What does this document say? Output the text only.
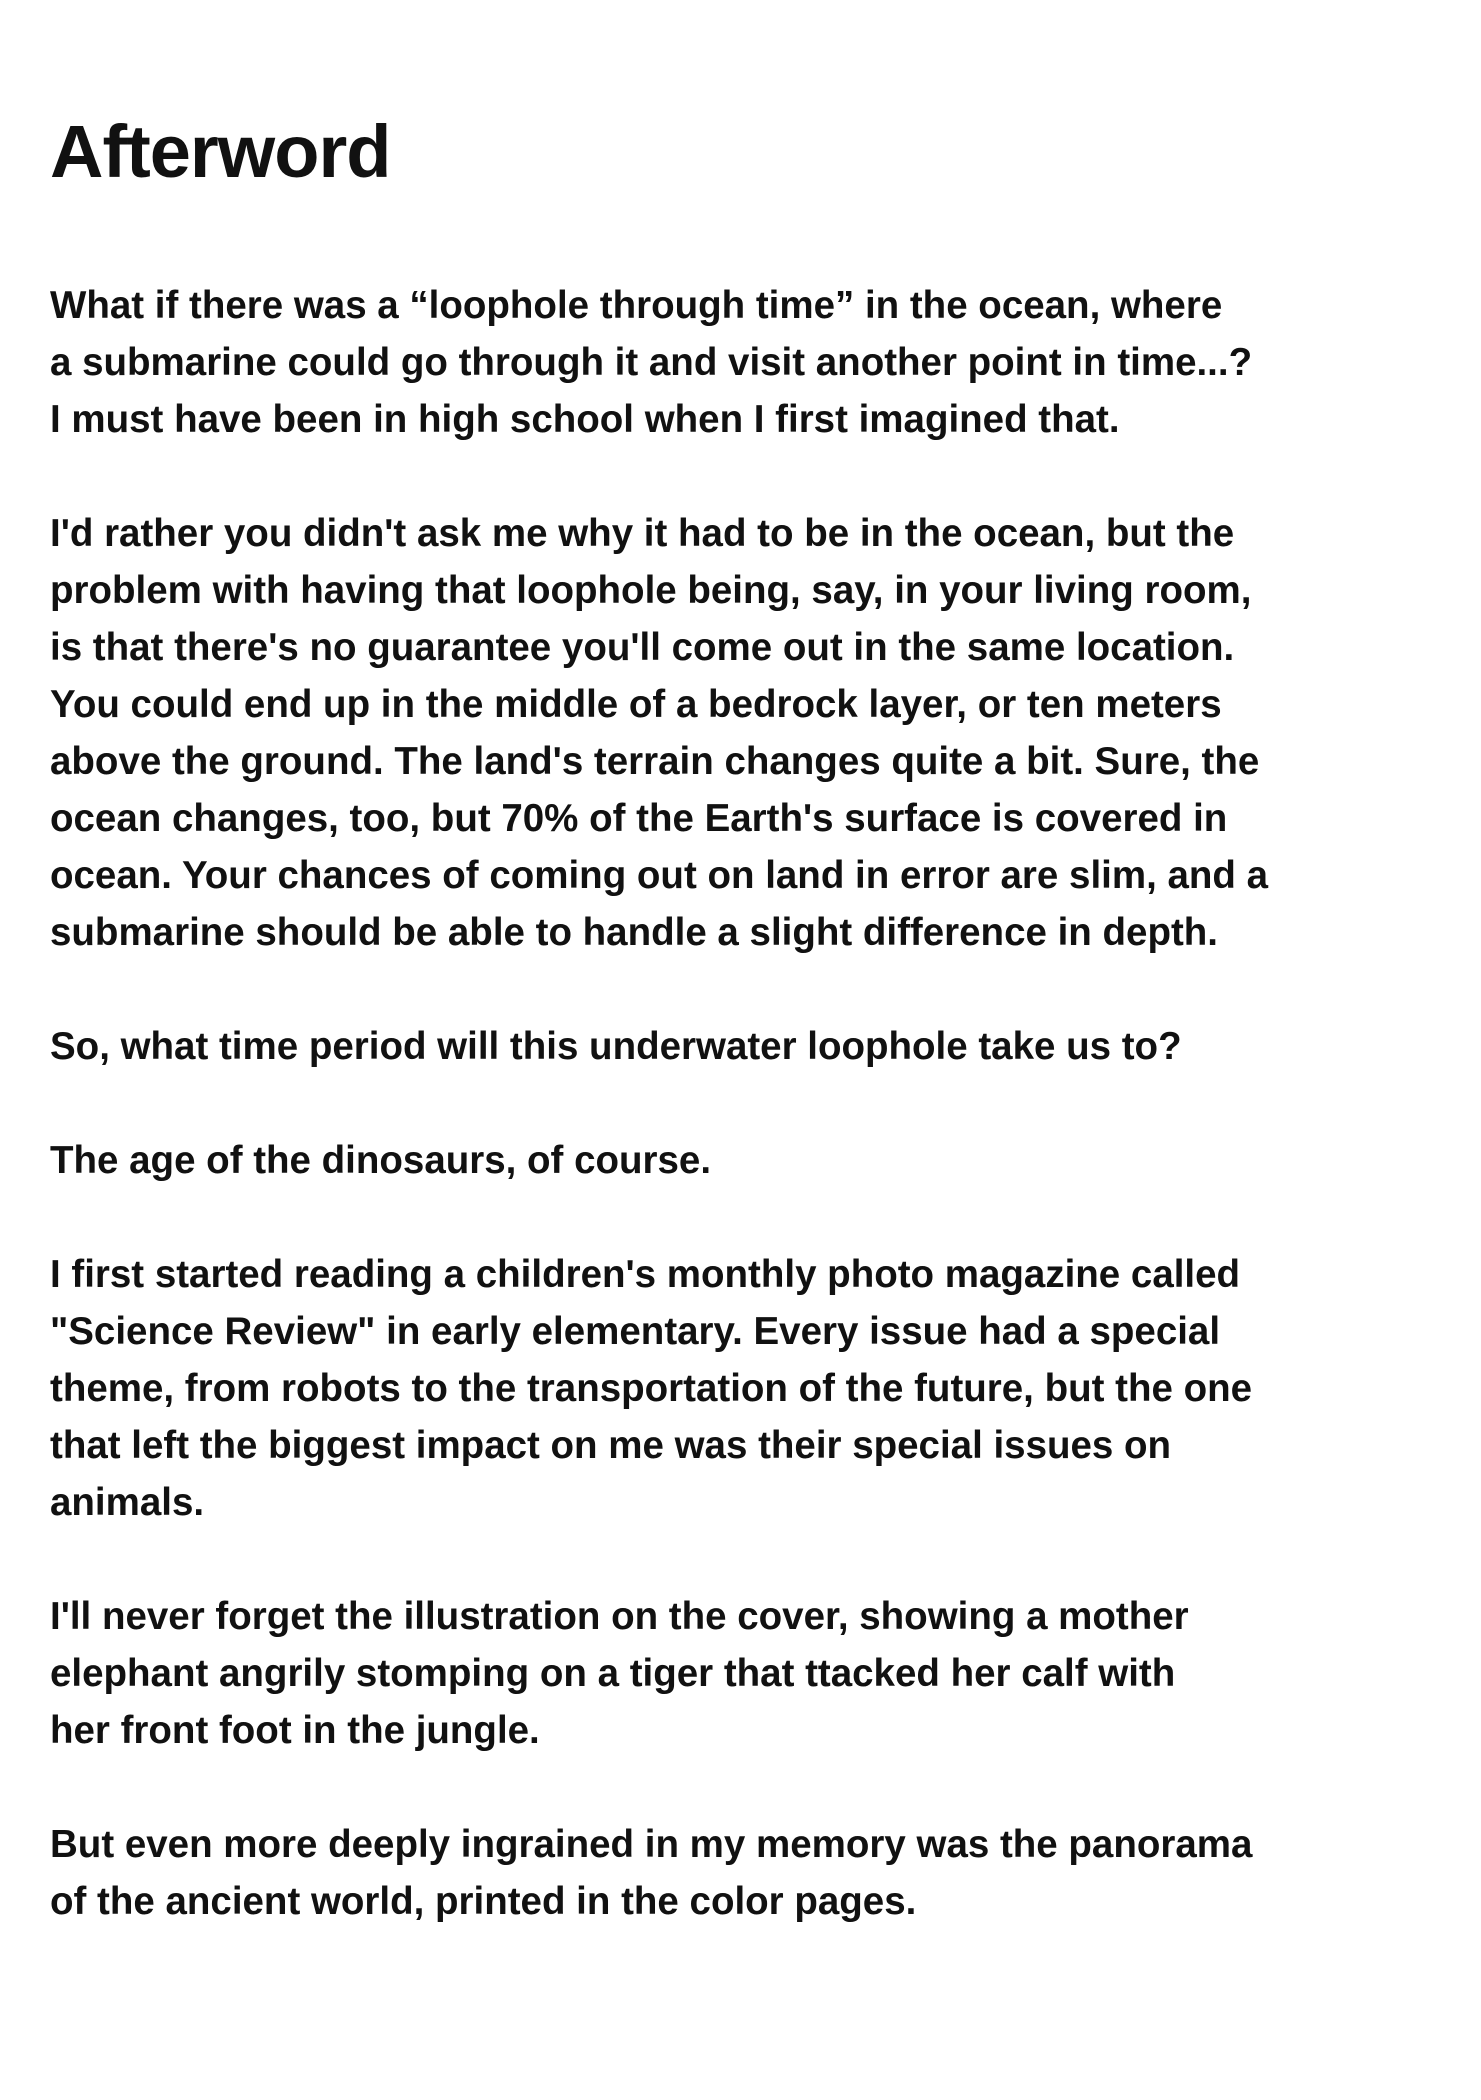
Afterword

What if there was a “loophole through time” in the ocean, where
a submarine could go through it and visit another point in time...?
I must have been in high school when I first imagined that.

I'd rather you didn't ask me why it had to be in the ocean, but the
problem with having that loophole being, say, in your living room,
is that there's no guarantee you'll come out in the same location.
You could end up in the middle of a bedrock layer, or ten meters
above the ground. The land's terrain changes quite a bit. Sure, the
ocean changes, too, but 70% of the Earth's surface is covered in
ocean. Your chances of coming out on land in error are slim, and a
submarine should be able to handle a slight difference in depth.

So, what time period will this underwater loophole take us to?

The age of the dinosaurs, of course.

I first started reading a children's monthly photo magazine called
"Science Review" in early elementary. Every issue had a special
theme, from robots to the transportation of the future, but the one
that left the biggest impact on me was their special issues on
animals.

I'll never forget the illustration on the cover, showing a mother
elephant angrily stomping on a tiger that ttacked her calf with
her front foot in the jungle.

But even more deeply ingrained in my memory was the panorama
of the ancient world, printed in the color pages.
